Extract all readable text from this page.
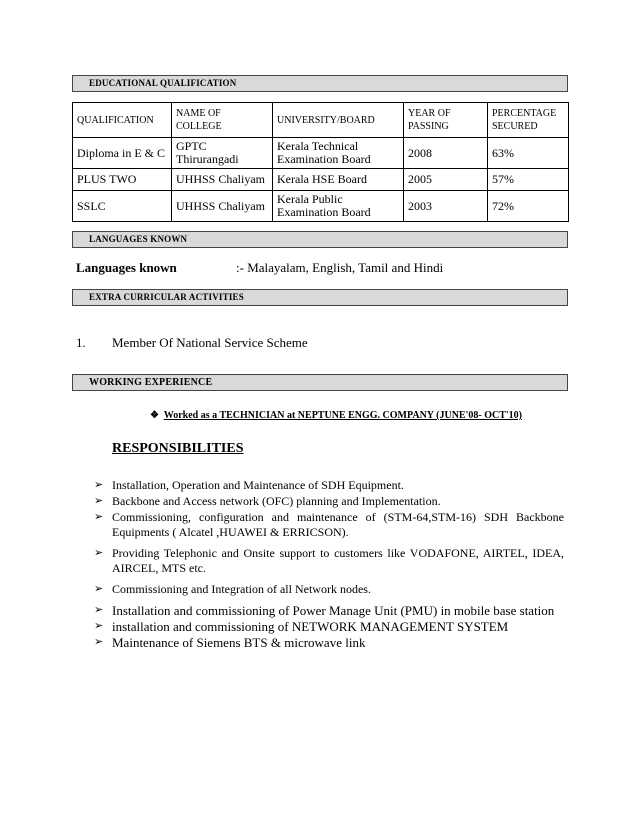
EDUCATIONAL QUALIFICATION
QUALIFICATION	NAME OF COLLEGE	UNIVERSITY/BOARD	YEAR OF PASSING	PERCENTAGE SECURED
Diploma in E & C	GPTC Thirurangadi	Kerala Technical Examination Board	2008	63%
PLUS TWO	UHHSS Chaliyam	Kerala HSE Board	2005	57%
SSLC	UHHSS Chaliyam	Kerala Public Examination Board	2003	72%
LANGUAGES KNOWN
Languages known	:- Malayalam, English, Tamil and Hindi
EXTRA CURRICULAR ACTIVITIES
1. Member Of National Service Scheme
WORKING EXPERIENCE
❖ Worked as a TECHNICIAN at NEPTUNE ENGG. COMPANY (JUNE'08- OCT'10)
RESPONSIBILITIES
➢ Installation, Operation and Maintenance of SDH Equipment.
➢ Backbone and Access network (OFC) planning and Implementation.
➢ Commissioning, configuration and maintenance of (STM-64,STM-16) SDH Backbone Equipments ( Alcatel ,HUAWEI & ERRICSON).
➢ Providing Telephonic and Onsite support to customers like VODAFONE, AIRTEL, IDEA, AIRCEL, MTS etc.
➢ Commissioning and Integration of all Network nodes.
➢ Installation and commissioning of Power Manage Unit (PMU) in mobile base station
➢ installation and commissioning of NETWORK MANAGEMENT SYSTEM
➢ Maintenance of Siemens BTS & microwave link
